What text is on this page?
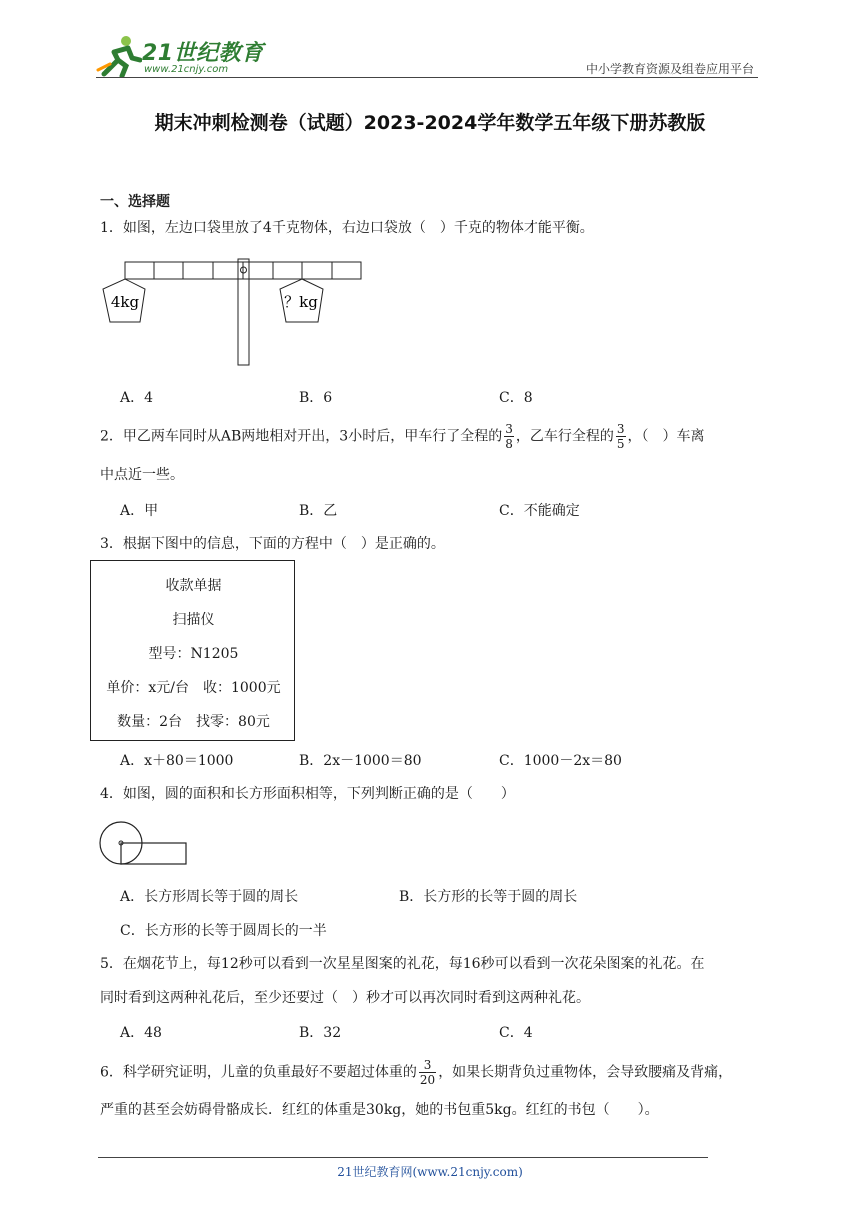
21世纪教育
www.21cnjy.com	中小学教育资源及组卷应用平台
期末冲刺检测卷（试题）2023-2024学年数学五年级下册苏教版
一、选择题
1．如图，左边口袋里放了4千克物体，右边口袋放（　）千克的物体才能平衡。
4kg	？kg
A．4	B．6	C．8
2．甲乙两车同时从AB两地相对开出，3小时后，甲车行了全程的 $\frac{3}{8}$ ，乙车行全程的 $\frac{3}{5}$ ，（　）车离
中点近一些。
A．甲	B．乙	C．不能确定
3．根据下图中的信息，下面的方程中（　）是正确的。
收款单据
扫描仪
型号：N1205
单价：x元/台　收：1000元
数量：2台　找零：80元
A．x＋80＝1000	B．2x－1000＝80	C．1000－2x＝80
4．如图，圆的面积和长方形面积相等，下列判断正确的是（　　）
A．长方形周长等于圆的周长	B．长方形的长等于圆的周长
C．长方形的长等于圆周长的一半
5．在烟花节上，每12秒可以看到一次星星图案的礼花，每16秒可以看到一次花朵图案的礼花。在
同时看到这两种礼花后，至少还要过（　）秒才可以再次同时看到这两种礼花。
A．48	B．32	C．4
6．科学研究证明，儿童的负重最好不要超过体重的 $\frac{3}{20}$ ，如果长期背负过重物体，会导致腰痛及背痛，
严重的甚至会妨碍骨骼成长．红红的体重是30kg，她的书包重5kg。红红的书包（　　）。
21世纪教育网(www.21cnjy.com)
